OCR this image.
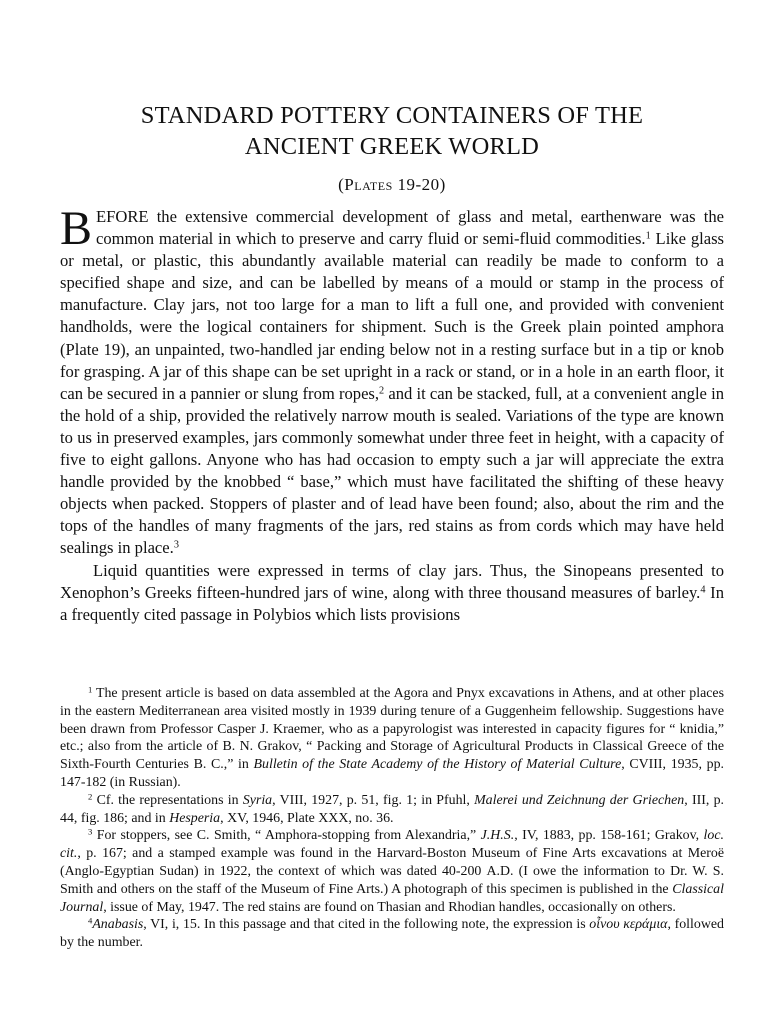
STANDARD POTTERY CONTAINERS OF THE
ANCIENT GREEK WORLD
(Plates 19-20)

BEFORE the extensive commercial development of glass and metal, earthenware was the common material in which to preserve and carry fluid or semi-fluid commodities.$^1$ Like glass or metal, or plastic, this abundantly available material can readily be made to conform to a specified shape and size, and can be labelled by means of a mould or stamp in the process of manufacture. Clay jars, not too large for a man to lift a full one, and provided with convenient handholds, were the logical containers for shipment. Such is the Greek plain pointed amphora (Plate 19), an unpainted, two-handled jar ending below not in a resting surface but in a tip or knob for grasping. A jar of this shape can be set upright in a rack or stand, or in a hole in an earth floor, it can be secured in a pannier or slung from ropes,$^2$ and it can be stacked, full, at a convenient angle in the hold of a ship, provided the relatively narrow mouth is sealed. Variations of the type are known to us in preserved examples, jars commonly somewhat under three feet in height, with a capacity of five to eight gallons. Anyone who has had occasion to empty such a jar will appreciate the extra handle provided by the knobbed “ base,” which must have facilitated the shifting of these heavy objects when packed. Stoppers of plaster and of lead have been found; also, about the rim and the tops of the handles of many fragments of the jars, red stains as from cords which may have held sealings in place.$^3$

Liquid quantities were expressed in terms of clay jars. Thus, the Sinopeans presented to Xenophon’s Greeks fifteen-hundred jars of wine, along with three thousand measures of barley.$^4$ In a frequently cited passage in Polybios which lists provisions

$^1$ The present article is based on data assembled at the Agora and Pnyx excavations in Athens, and at other places in the eastern Mediterranean area visited mostly in 1939 during tenure of a Guggenheim fellowship. Suggestions have been drawn from Professor Casper J. Kraemer, who as a papyrologist was interested in capacity figures for “ knidia,” etc.; also from the article of B. N. Grakov, “ Packing and Storage of Agricultural Products in Classical Greece of the Sixth-Fourth Centuries B. C.,” in Bulletin of the State Academy of the History of Material Culture, CVIII, 1935, pp. 147-182 (in Russian).

$^2$ Cf. the representations in Syria, VIII, 1927, p. 51, fig. 1; in Pfuhl, Malerei und Zeichnung der Griechen, III, p. 44, fig. 186; and in Hesperia, XV, 1946, Plate XXX, no. 36.

$^3$ For stoppers, see C. Smith, “ Amphora-stopping from Alexandria,” J.H.S., IV, 1883, pp. 158-161; Grakov, loc. cit., p. 167; and a stamped example was found in the Harvard-Boston Museum of Fine Arts excavations at Meroë (Anglo-Egyptian Sudan) in 1922, the context of which was dated 40-200 A.D. (I owe the information to Dr. W. S. Smith and others on the staff of the Museum of Fine Arts.) A photograph of this specimen is published in the Classical Journal, issue of May, 1947. The red stains are found on Thasian and Rhodian handles, occasionally on others.

$^4$Anabasis, VI, i, 15. In this passage and that cited in the following note, the expression is οἶνου κεράμια, followed by the number.
